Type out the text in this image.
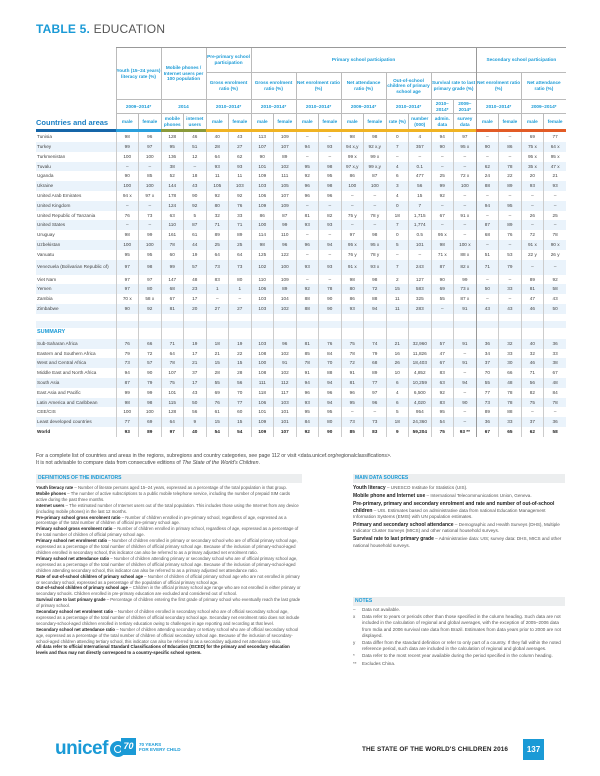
TABLE 5. EDUCATION
Countries and areas	Youth (15–24 years) literacy rate (%)		Mobile phones / Internet users per 100 population		Pre-primary school participation		Primary school participation										Secondary school participation			
					Gross enrolment ratio (%)		Gross enrolment ratio (%)		Net enrolment ratio (%)		Net attendance ratio (%)		Out-of-school children of primary school age		Survival rate to last primary grade (%)		Net enrolment ratio (%)		Net attendance ratio (%)	
	2009–2014*		2014		2010–2014*		2010–2014*		2010–2014*		2009–2014*		2010–2014*		2010– 2014*	2009– 2014*	2010–2014*		2009–2014*	
	male	female	mobile phones	internet users	male	female	male	female	male	female	male	female	rate (%)	number (000)	admin. data	survey data	male	female	male	female

Tunisia	98	96	128	46	40	43	113	109	–	–	98	98	0	4	94	97	–	–	69	77
Turkey	99	97	95	51	28	27	107	107	94	93	94 x,y	92 x,y	7	357	90	95 x	90	86	75 x	64 x
Turkmenistan	100	100	136	12	64	62	90	89	–	–	99 x	99 x	–	–	–	–	–	–	95 x	95 x
Tuvalu	–	–	38	–	93	93	101	102	95	98	97 x,y	99 x,y	4	0.1	–	–	62	78	35 x	47 x
Uganda	90	85	52	18	11	11	109	111	92	95	86	87	6	477	25	72 x	24	22	20	21
Ukraine	100	100	144	43	105	103	103	105	96	98	100	100	3	56	99	100	88	89	93	93
United Arab Emirates	94 x	97 x	178	90	92	92	106	107	96	96	–	–	4	15	92	–	–	–	–	–
United Kingdom	–	–	124	92	80	76	109	109	–	–	–	–	0	7	–	–	94	95	–	–
United Republic of Tanzania	76	73	63	5	32	33	86	87	81	82	75 y	78 y	18	1,715	67	91 x	–	–	26	25
United States	–	–	110	87	71	71	100	99	93	93	–	–	7	1,774	–	–	87	89	–	–
Uruguay	98	99	161	61	89	89	114	110	–	–	97	98	0	0.5	95 x	–	68	76	72	78
Uzbekistan	100	100	78	44	25	25	98	96	96	94	95 x	95 x	5	101	98	100 x	–	–	91 x	90 x
Vanuatu	95	95	60	19	64	64	125	122	–	–	76 y	78 y	–	–	71 x	88 x	51	53	22 y	26 y
Venezuela (Bolivarian Republic of)	97	98	99	57	73	73	102	100	93	93	91 x	93 x	7	243	87	82 x	71	79	–	–
Viet Nam	97	97	147	48	83	80	110	109	–	–	98	98	2	127	90	99	–	–	89	92
Yemen	97	80	68	23	1	1	106	89	92	78	80	72	15	583	69	73 x	50	33	81	58
Zambia	70 x	58 x	67	17	–	–	103	104	88	90	86	88	11	325	55	87 x	–	–	47	43
Zimbabwe	90	92	81	20	27	27	103	102	88	90	93	94	11	283	–	91	43	43	46	50

SUMMARY																				
Sub-Saharan Africa	76	66	71	19	18	19	103	96	81	76	75	74	21	32,960	57	91	36	32	40	36
Eastern and Southern Africa	79	72	64	17	21	22	108	102	85	84	78	79	16	11,826	47	–	34	33	32	33
West and Central Africa	73	57	78	21	15	15	100	91	78	70	72	68	26	18,403	67	91	37	30	46	38
Middle East and North Africa	94	90	107	37	28	28	108	102	91	88	91	89	10	4,852	83	–	70	66	71	67
South Asia	87	79	75	17	55	56	111	112	94	94	81	77	6	10,259	63	94	55	48	56	48
East Asia and Pacific	99	99	101	43	69	70	118	117	96	96	96	97	4	6,500	92	–	77	78	82	84
Latin America and Caribbean	98	98	115	50	76	77	106	103	93	94	95	96	6	4,020	83	90	73	78	75	78
CEE/CIS	100	100	128	56	61	60	101	101	95	95	–	–	5	954	95	–	89	88	–	–
Least developed countries	77	69	64	9	15	15	109	101	84	80	73	73	18	24,360	54	–	36	33	37	36
World	93	89	97	40	54	54	109	107	92	90	85	83	9	59,204	75	93 **	67	65	62	58
For a complete list of countries and areas in the regions, subregions and country categories, see page 112 or visit <data.unicef.org/regionalclassifications>.
It is not advisable to compare data from consecutive editions of The State of the World's Children.
DEFINITIONS OF THE INDICATORS
Youth literacy rate – Number of literate persons aged 15–24 years, expressed as a percentage of the total population in that group.
Mobile phones – The number of active subscriptions to a public mobile telephone service, including the number of prepaid SIM cards active during the past three months.
Internet users – The estimated number of Internet users out of the total population. This includes those using the Internet from any device (including mobile phones) in the last 12 months.
Pre-primary school gross enrolment ratio – Number of children enrolled in pre-primary school, regardless of age, expressed as a percentage of the total number of children of official pre-primary school age.
Primary school gross enrolment ratio – Number of children enrolled in primary school, regardless of age, expressed as a percentage of the total number of children of official primary school age.
Primary school net enrolment ratio – Number of children enrolled in primary or secondary school who are of official primary school age, expressed as a percentage of the total number of children of official primary school age. Because of the inclusion of primary-school-aged children enrolled in secondary school, this indicator can also be referred to as a primary adjusted net enrolment ratio.
Primary school net attendance ratio – Number of children attending primary or secondary school who are of official primary school age, expressed as a percentage of the total number of children of official primary school age. Because of the inclusion of primary-school-aged children attending secondary school, this indicator can also be referred to as a primary adjusted net attendance ratio.
Rate of out-of-school children of primary school age – Number of children of official primary school age who are not enrolled in primary or secondary school, expressed as a percentage of the population of official primary school age.
Out-of-school children of primary school age – Children in the official primary school age range who are not enrolled in either primary or secondary schools. Children enrolled in pre-primary education are excluded and considered out of school.
Survival rate to last primary grade – Percentage of children entering the first grade of primary school who eventually reach the last grade of primary school.
Secondary school net enrolment ratio – Number of children enrolled in secondary school who are of official secondary school age, expressed as a percentage of the total number of children of official secondary school age. Secondary net enrolment ratio does not include secondary-school-aged children enrolled in tertiary education owing to challenges in age reporting and recording at that level.
Secondary school net attendance ratio – Number of children attending secondary or tertiary school who are of official secondary school age, expressed as a percentage of the total number of children of official secondary school age. Because of the inclusion of secondary-school-aged children attending tertiary school, this indicator can also be referred to as a secondary adjusted net attendance ratio.
All data refer to official International Standard Classifications of Education (ISCED) for the primary and secondary education levels and thus may not directly correspond to a country-specific school system.
MAIN DATA SOURCES

Youth literacy – UNESCO Institute for Statistics (UIS).

Mobile phone and Internet use – International Telecommunications Union, Geneva.

Pre-primary, primary and secondary enrolment and rate and number of out-of-school children – UIS. Estimates based on administrative data from national Education Management Information Systems (EMIS) with UN population estimates.

Primary and secondary school attendance – Demographic and Health Surveys (DHS), Multiple Indicator Cluster Surveys (MICS) and other national household surveys.

Survival rate to last primary grade – Administrative data: UIS; survey data: DHS, MICS and other national household surveys.

NOTES
– Data not available.
x Data refer to years or periods other than those specified in the column heading. Such data are not included in the calculation of regional and global averages, with the exception of 2005–2006 data from India and 2006 survival rate data from Brazil. Estimates from data years prior to 2000 are not displayed.
y Data differ from the standard definition or refer to only part of a country. If they fall within the noted reference period, such data are included in the calculation of regional and global averages.
* Data refer to the most recent year available during the period specified in the column heading.
** Excludes China.
unicef 70	70 YEARS
FOR EVERY CHILD	THE STATE OF THE WORLD'S CHILDREN 2016	137
